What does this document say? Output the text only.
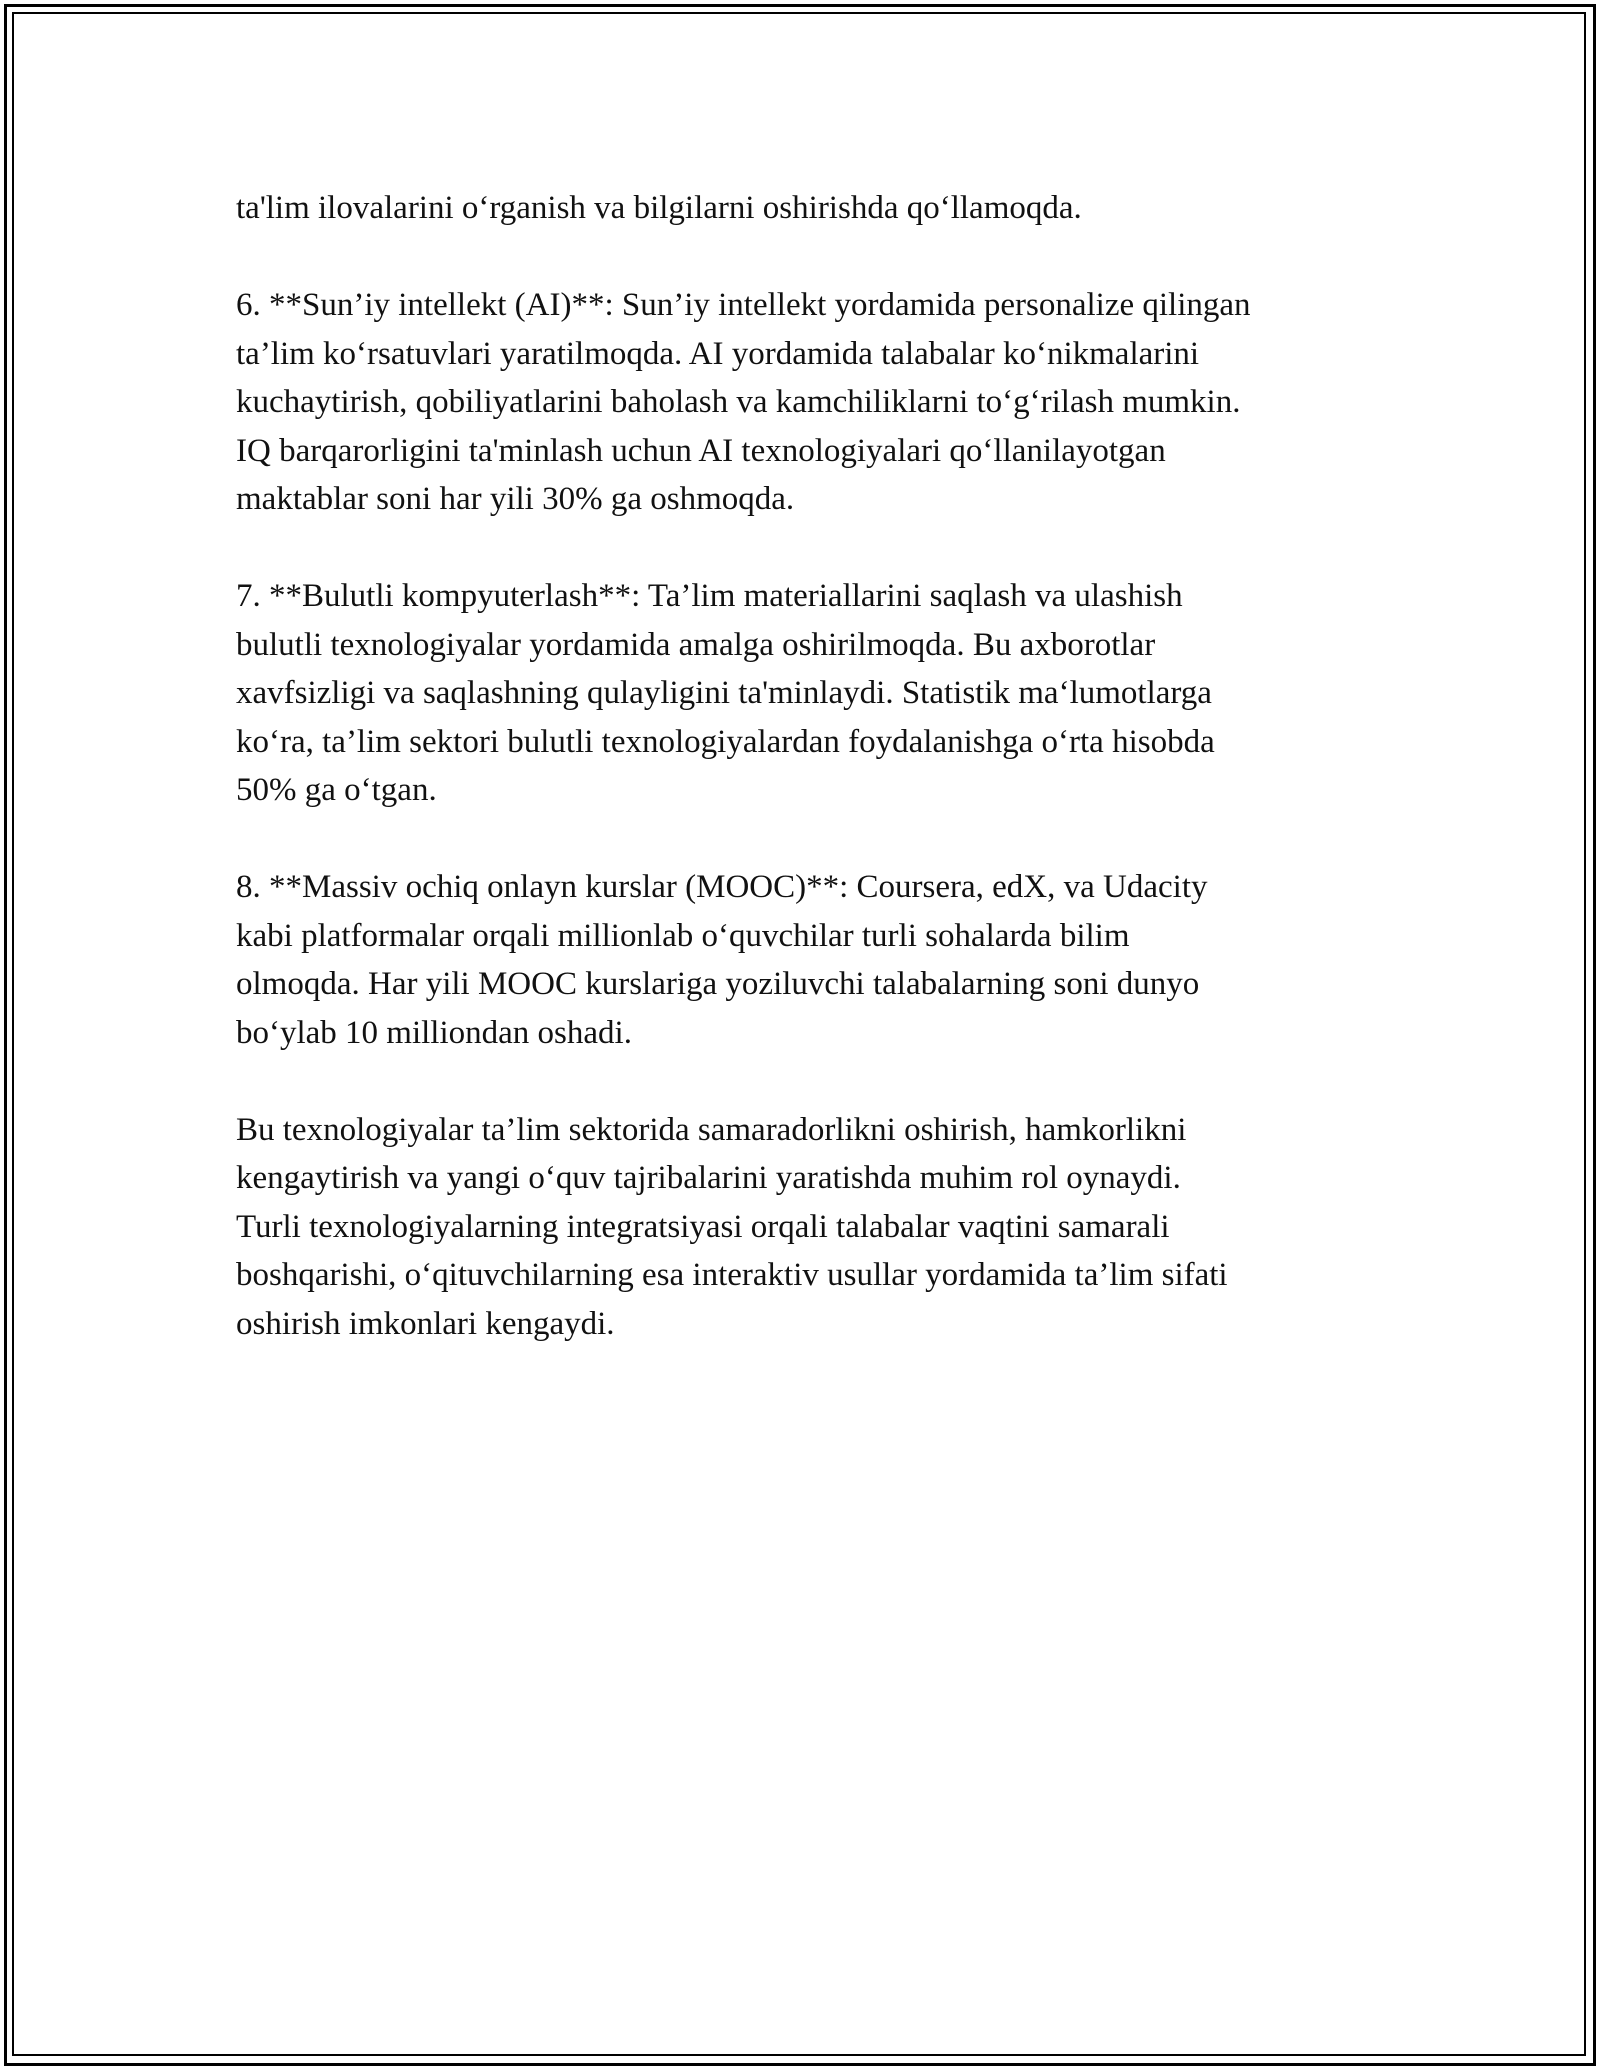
ta'lim ilovalarini o‘rganish va bilgilarni oshirishda qo‘llamoqda.

6. **Sun’iy intellekt (AI)**: Sun’iy intellekt yordamida personalize qilingan
ta’lim ko‘rsatuvlari yaratilmoqda. AI yordamida talabalar ko‘nikmalarini
kuchaytirish, qobiliyatlarini baholash va kamchiliklarni to‘g‘rilash mumkin.
IQ barqarorligini ta'minlash uchun AI texnologiyalari qo‘llanilayotgan
maktablar soni har yili 30% ga oshmoqda.

7. **Bulutli kompyuterlash**: Ta’lim materiallarini saqlash va ulashish
bulutli texnologiyalar yordamida amalga oshirilmoqda. Bu axborotlar
xavfsizligi va saqlashning qulayligini ta'minlaydi. Statistik ma‘lumotlarga
ko‘ra, ta’lim sektori bulutli texnologiyalardan foydalanishga o‘rta hisobda
50% ga o‘tgan.

8. **Massiv ochiq onlayn kurslar (MOOC)**: Coursera, edX, va Udacity
kabi platformalar orqali millionlab o‘quvchilar turli sohalarda bilim
olmoqda. Har yili MOOC kurslariga yoziluvchi talabalarning soni dunyo
bo‘ylab 10 milliondan oshadi.

Bu texnologiyalar ta’lim sektorida samaradorlikni oshirish, hamkorlikni
kengaytirish va yangi o‘quv tajribalarini yaratishda muhim rol oynaydi.
Turli texnologiyalarning integratsiyasi orqali talabalar vaqtini samarali
boshqarishi, o‘qituvchilarning esa interaktiv usullar yordamida ta’lim sifati
oshirish imkonlari kengaydi.
